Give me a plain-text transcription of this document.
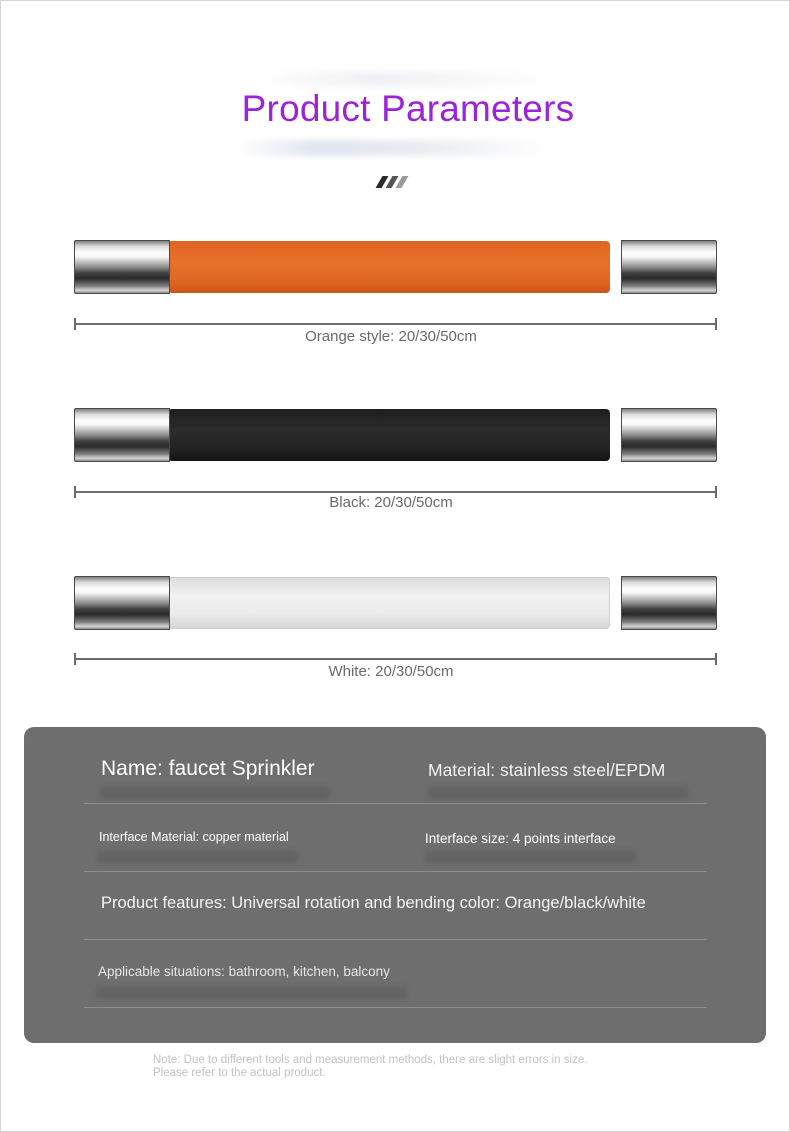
Product Parameters
Orange style: 20/30/50cm
Black: 20/30/50cm
White: 20/30/50cm
Name: faucet Sprinkler	Material: stainless steel/EPDM
Interface Material: copper material	Interface size: 4 points interface
Product features: Universal rotation and bending color: Orange/black/white
Applicable situations: bathroom, kitchen, balcony
Note: Due to different tools and measurement methods, there are slight errors in size.
Please refer to the actual product.
